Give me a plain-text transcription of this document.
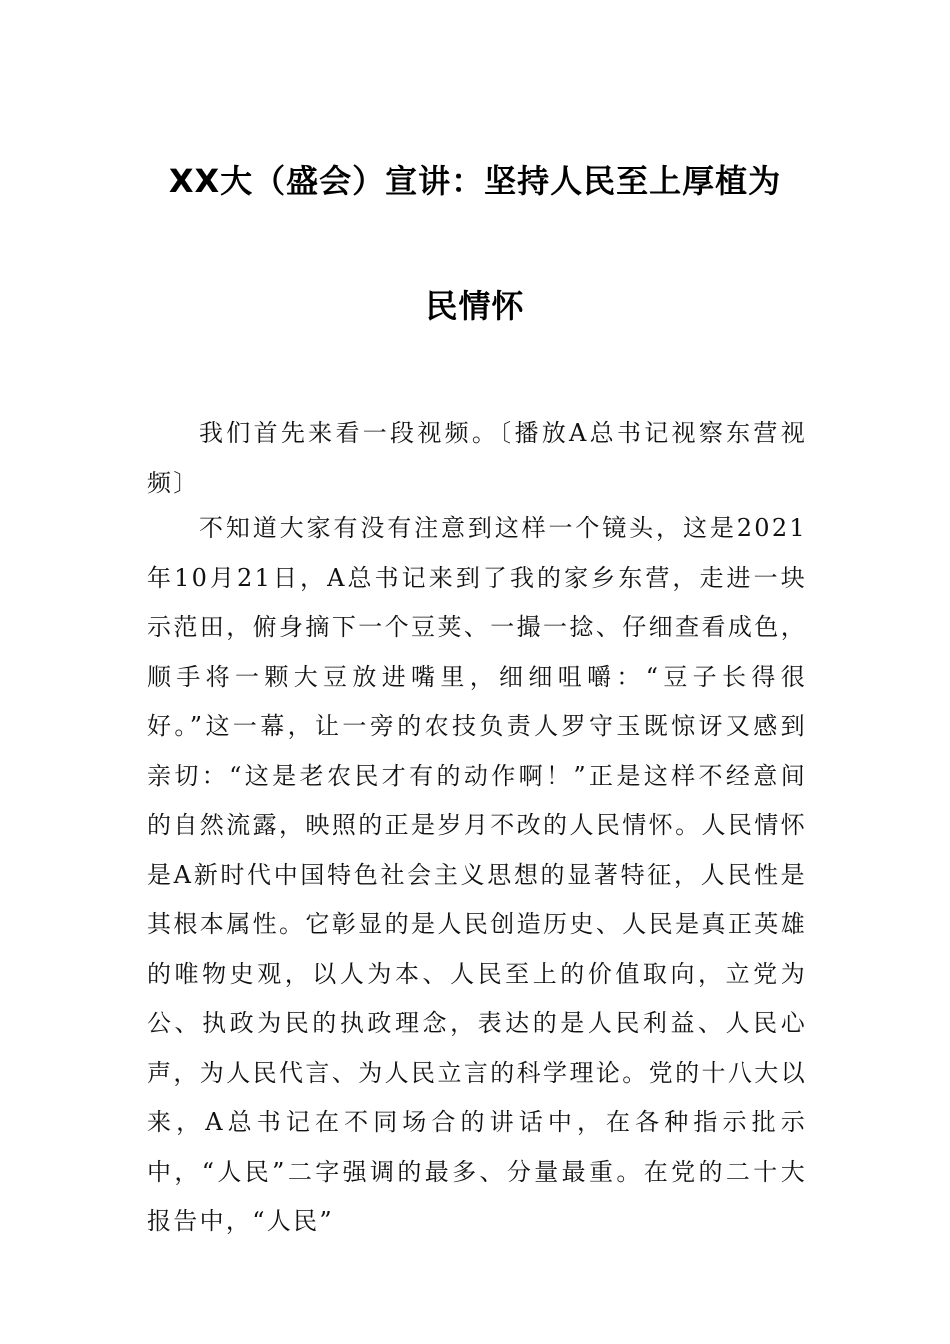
XX大（盛会）宣讲：坚持人民至上厚植为
民情怀

我们首先来看一段视频。〔播放A总书记视察东营视频〕

不知道大家有没有注意到这样一个镜头，这是2021年10月21日，A总书记来到了我的家乡东营，走进一块示范田，俯身摘下一个豆荚、一撮一捻、仔细查看成色，顺手将一颗大豆放进嘴里，细细咀嚼：“豆子长得很好。”这一幕，让一旁的农技负责人罗守玉既惊讶又感到亲切：“这是老农民才有的动作啊！”正是这样不经意间的自然流露，映照的正是岁月不改的人民情怀。人民情怀是A新时代中国特色社会主义思想的显著特征，人民性是其根本属性。它彰显的是人民创造历史、人民是真正英雄的唯物史观，以人为本、人民至上的价值取向，立党为公、执政为民的执政理念，表达的是人民利益、人民心声，为人民代言、为人民立言的科学理论。党的十八大以来，A总书记在不同场合的讲话中，在各种指示批示中，“人民”二字强调的最多、分量最重。在党的二十大报告中，“人民”
